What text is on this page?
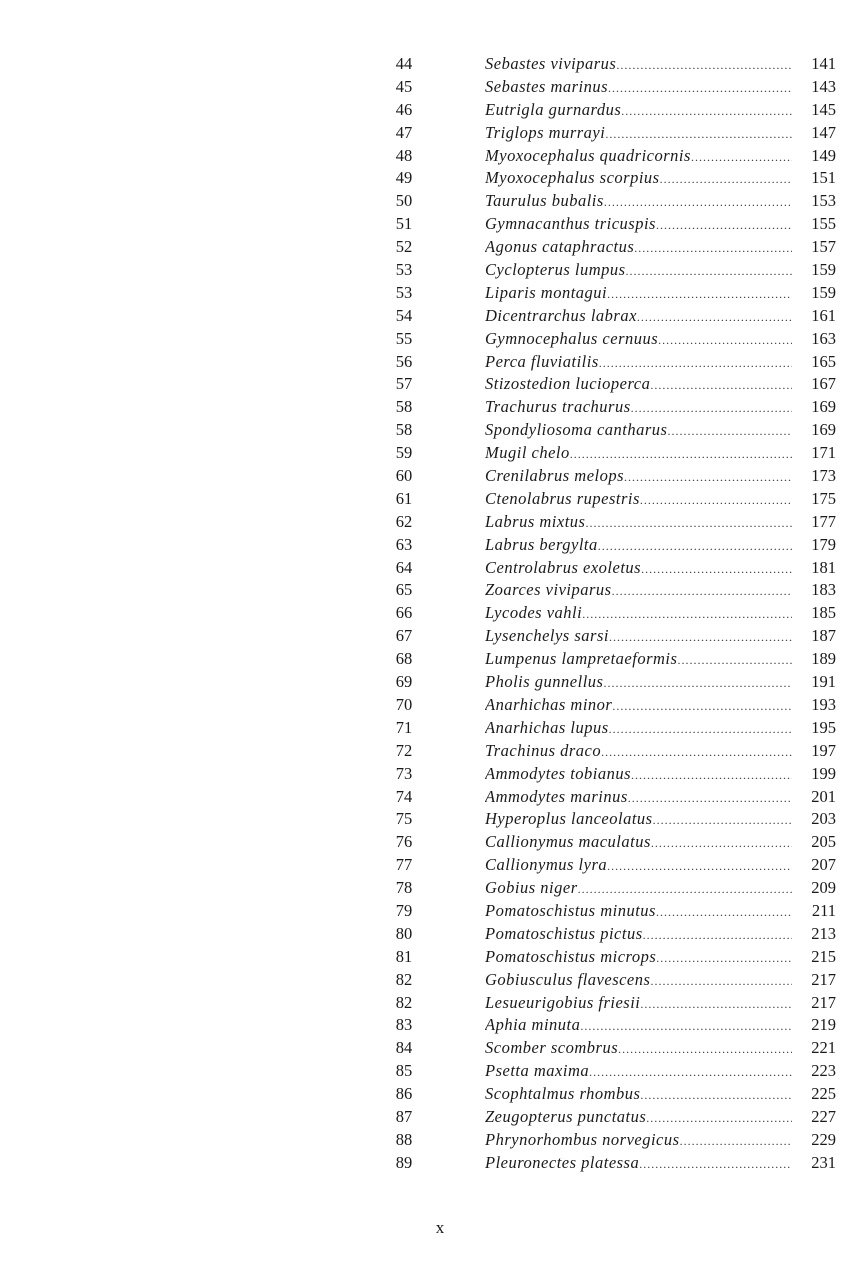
44	Sebastes viviparus .....	141
45	Sebastes marinus .....	143
46	Eutrigla gurnardus .....	145
47	Triglops murrayi .....	147
48	Myoxocephalus quadricornis .....	149
49	Myoxocephalus scorpius .....	151
50	Taurulus bubalis .....	153
51	Gymnacanthus tricuspis .....	155
52	Agonus cataphractus .....	157
53	Cyclopterus lumpus .....	159
53	Liparis montagui .....	159
54	Dicentrarchus labrax .....	161
55	Gymnocephalus cernuus .....	163
56	Perca fluviatilis .....	165
57	Stizostedion lucioperca .....	167
58	Trachurus trachurus .....	169
58	Spondyliosoma cantharus .....	169
59	Mugil chelo .....	171
60	Crenilabrus melops .....	173
61	Ctenolabrus rupestris .....	175
62	Labrus mixtus .....	177
63	Labrus bergylta .....	179
64	Centrolabrus exoletus .....	181
65	Zoarces viviparus .....	183
66	Lycodes vahli .....	185
67	Lysenchelys sarsi .....	187
68	Lumpenus lampretaeformis .....	189
69	Pholis gunnellus .....	191
70	Anarhichas minor .....	193
71	Anarhichas lupus .....	195
72	Trachinus draco .....	197
73	Ammodytes tobianus .....	199
74	Ammodytes marinus .....	201
75	Hyperoplus lanceolatus .....	203
76	Callionymus maculatus .....	205
77	Callionymus lyra .....	207
78	Gobius niger .....	209
79	Pomatoschistus minutus .....	211
80	Pomatoschistus pictus .....	213
81	Pomatoschistus microps .....	215
82	Gobiusculus flavescens .....	217
82	Lesueurigobius friesii .....	217
83	Aphia minuta .....	219
84	Scomber scombrus .....	221
85	Psetta maxima .....	223
86	Scophtalmus rhombus .....	225
87	Zeugopterus punctatus .....	227
88	Phrynorhombus norvegicus .....	229
89	Pleuronectes platessa .....	231
x
